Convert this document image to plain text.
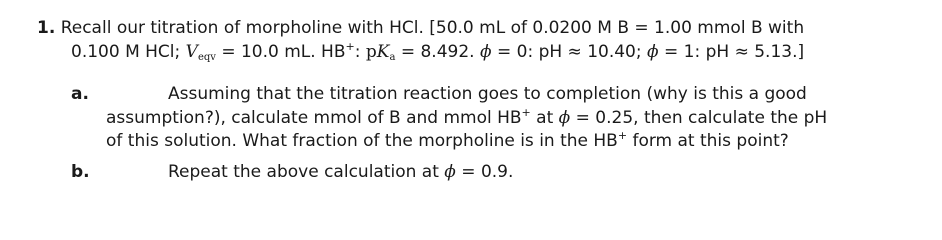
1. Recall our titration of morpholine with HCl. [50.0 mL of 0.0200 M B = 1.00 mmol B with
0.100 M HCl; $V_{eqv} = 10.0$ mL. HB+: $pK_a = 8.492$. ϕ = 0: pH ≈ 10.40; ϕ = 1: pH ≈ 5.13.]
a.	Assuming that the titration reaction goes to completion (why is this a good
assumption?), calculate mmol of B and mmol HB+ at ϕ = 0.25, then calculate the pH
of this solution. What fraction of the morpholine is in the HB+ form at this point?
b.	Repeat the above calculation at ϕ = 0.9.
